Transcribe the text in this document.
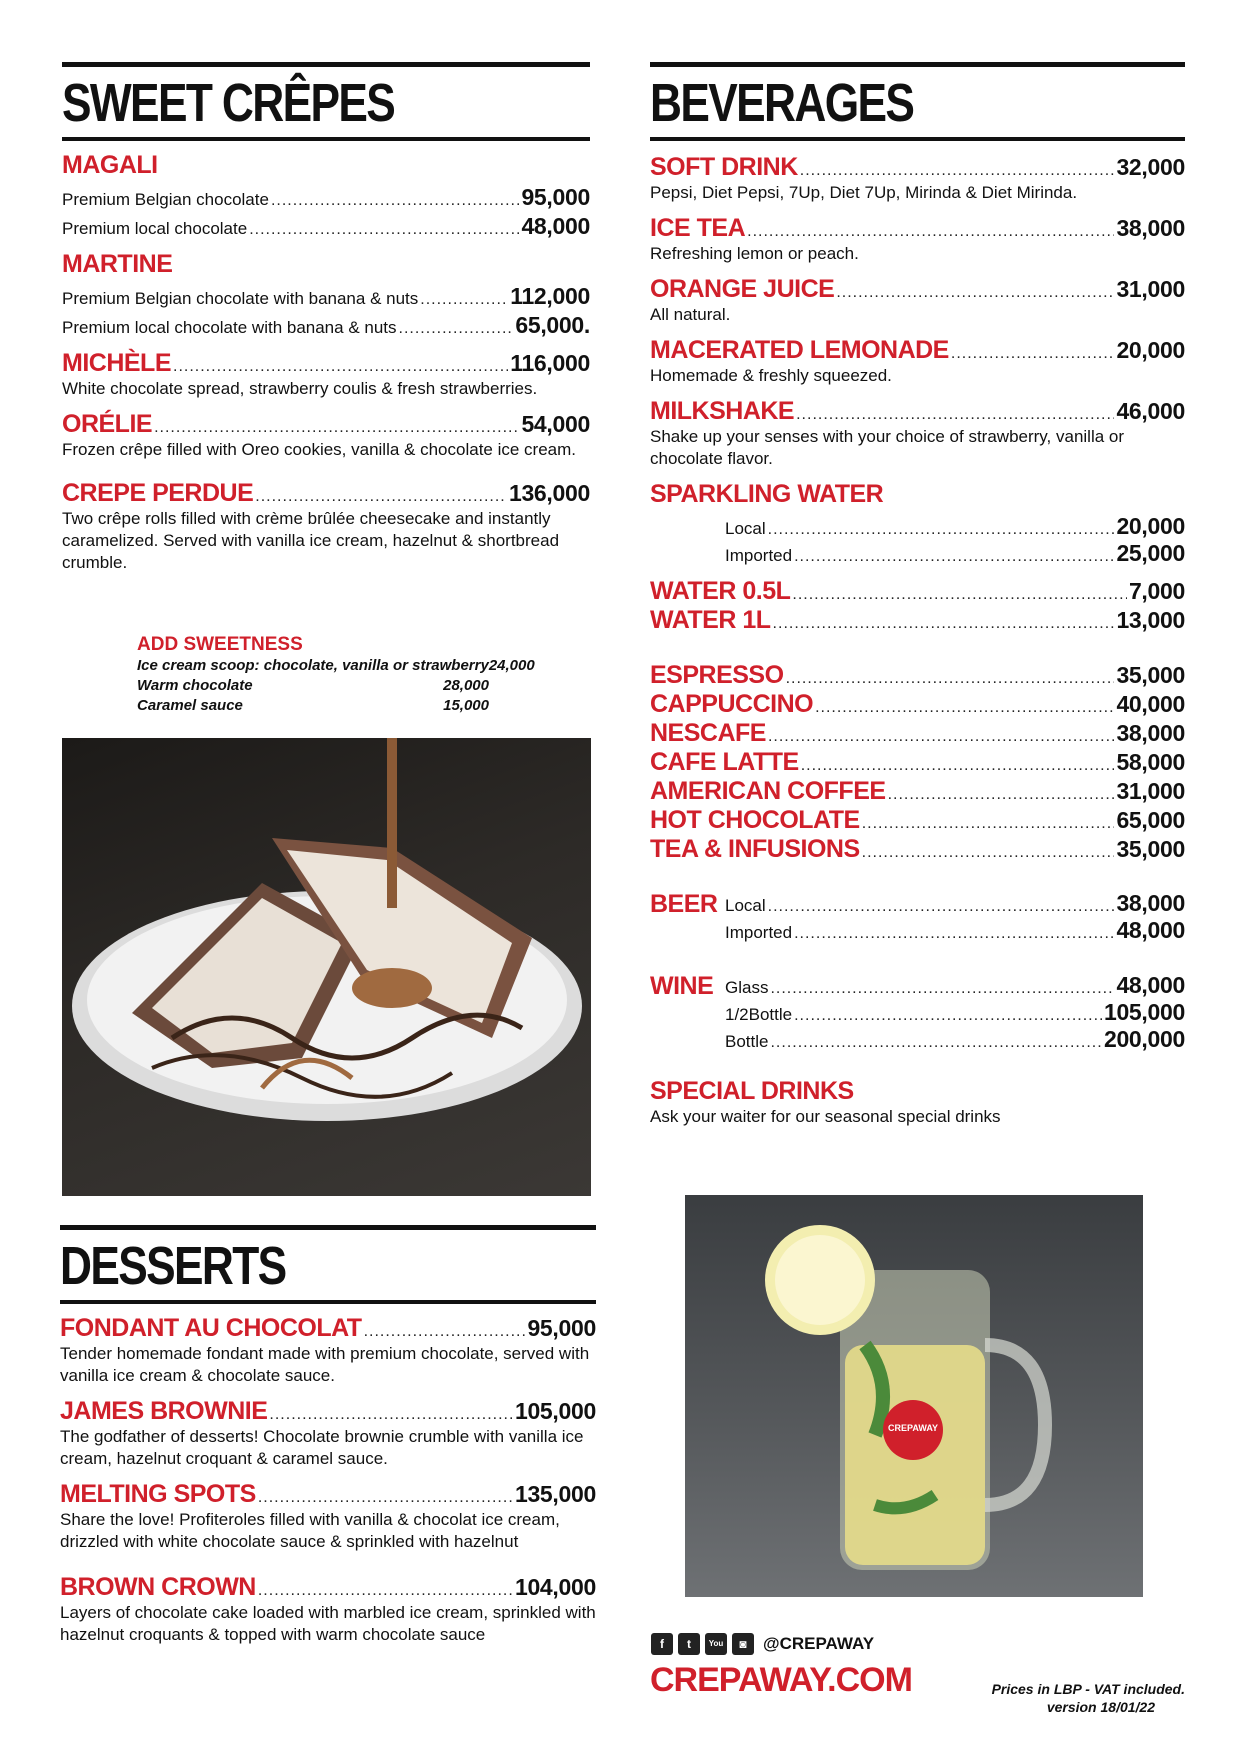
SWEET CRÊPES
MAGALI
Premium Belgian chocolate .....	95,000
Premium local chocolate .....	48,000
MARTINE
Premium Belgian chocolate with banana & nuts .....	112,000
Premium local chocolate with banana & nuts .....	65,000.
MICHÈLE .....	116,000
White chocolate spread, strawberry coulis & fresh strawberries.
ORÉLIE .....	54,000
Frozen crêpe filled with Oreo cookies, vanilla & chocolate ice cream.
CREPE PERDUE .....	136,000
Two crêpe rolls filled with crème brûlée cheesecake and instantly caramelized. Served with vanilla ice cream, hazelnut & shortbread crumble.
ADD SWEETNESS
Ice cream scoop: chocolate, vanilla or strawberry 24,000
Warm chocolate	28,000
Caramel sauce	15,000
DESSERTS
FONDANT AU CHOCOLAT .....	95,000
Tender homemade fondant made with premium chocolate, served with vanilla ice cream & chocolate sauce.
JAMES BROWNIE .....	105,000
The godfather of desserts! Chocolate brownie crumble with vanilla ice cream, hazelnut croquant & caramel sauce.
MELTING SPOTS .....	135,000
Share the love! Profiteroles filled with vanilla & chocolat ice cream, drizzled with white chocolate sauce & sprinkled with hazelnut
BROWN CROWN .....	104,000
Layers of chocolate cake loaded with marbled ice cream, sprinkled with hazelnut croquants & topped with warm chocolate sauce
BEVERAGES
SOFT DRINK .....	32,000
Pepsi, Diet Pepsi, 7Up, Diet 7Up, Mirinda & Diet Mirinda.
ICE TEA .....	38,000
Refreshing lemon or peach.
ORANGE JUICE .....	31,000
All natural.
MACERATED LEMONADE .....	20,000
Homemade & freshly squeezed.
MILKSHAKE .....	46,000
Shake up your senses with your choice of strawberry, vanilla or chocolate flavor.
SPARKLING WATER
Local .....	20,000
Imported .....	25,000
WATER 0.5L .....	7,000
WATER 1L .....	13,000
ESPRESSO .....	35,000
CAPPUCCINO .....	40,000
NESCAFE .....	38,000
CAFE LATTE .....	58,000
AMERICAN COFFEE .....	31,000
HOT CHOCOLATE .....	65,000
TEA & INFUSIONS .....	35,000
BEER Local .....	38,000
Imported .....	48,000
WINE Glass .....	48,000
1/2Bottle .....	105,000
Bottle .....	200,000
SPECIAL DRINKS
Ask your waiter for our seasonal special drinks
CREPAWAY
f	t	You	◙ @CREPAWAY
CREPAWAY.COM	Prices in LBP - VAT included.
version 18/01/22
